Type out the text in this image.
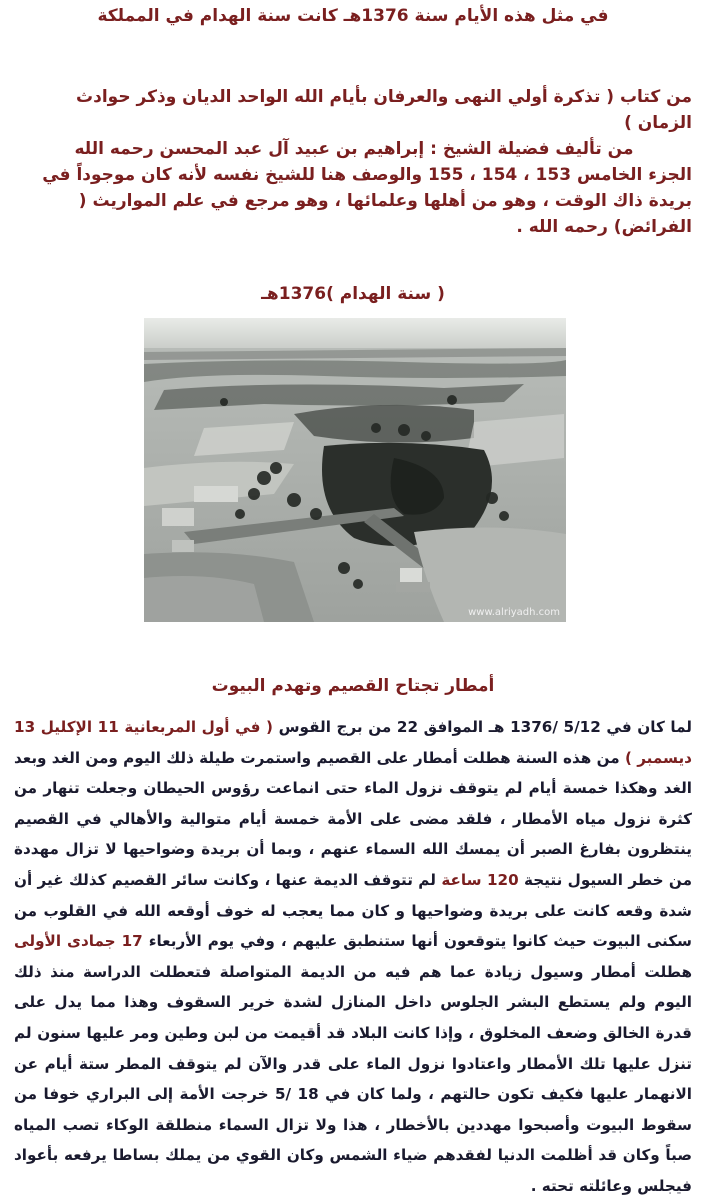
في مثل هذه الأيام سنة 1376هـ كانت سنة الهدام في المملكة
من كتاب ( تذكرة أولي النهى والعرفان بأيام الله الواحد الديان وذكر حوادث الزمان )
من تأليف فضيلة الشيخ : إبراهيم بن عبيد آل عبد المحسن رحمه الله
الجزء الخامس 153 ، 154 ، 155 والوصف هنا للشيخ نفسه لأنه كان موجوداً في بريدة ذاك الوقت ، وهو من أهلها وعلمائها ، وهو مرجع في علم المواريث ( الفرائض) رحمه الله .
( سنة الهدام )1376هـ
www.alriyadh.com
أمطار تجتاح القصيم وتهدم البيوت
لما كان في 5/12 /1376 هـ الموافق 22 من برج القوس ( في أول المربعانية 11 الإكليل 13 ديسمبر ) من هذه السنة هطلت أمطار على القصيم واستمرت طيلة ذلك اليوم ومن الغد وبعد الغد وهكذا خمسة أيام لم يتوقف نزول الماء حتى انماعت رؤوس الحيطان وجعلت تنهار من كثرة نزول مياه الأمطار ، فلقد مضى على الأمة خمسة أيام متوالية والأهالي في القصيم ينتظرون بفارغ الصبر أن يمسك الله السماء عنهم ، وبما أن بريدة وضواحيها لا تزال مهددة من خطر السيول نتيجة 120 ساعة لم تتوقف الديمة عنها ، وكانت سائر القصيم كذلك غير أن شدة وقعه كانت على بريدة وضواحيها و كان مما يعجب له خوف أوقعه الله في القلوب من سكنى البيوت حيث كانوا يتوقعون أنها ستنطبق عليهم ، وفي يوم الأربعاء 17 جمادى الأولى هطلت أمطار وسيول زيادة عما هم فيه من الديمة المتواصلة فتعطلت الدراسة منذ ذلك اليوم ولم يستطع البشر الجلوس داخل المنازل لشدة خرير السقوف وهذا مما يدل على قدرة الخالق وضعف المخلوق ، وإذا كانت البلاد قد أقيمت من لبن وطين ومر عليها سنون لم تنزل عليها تلك الأمطار واعتادوا نزول الماء على قدر والآن لم يتوقف المطر ستة أيام عن الانهمار عليها فكيف تكون حالتهم ، ولما كان في 18 /5 خرجت الأمة إلى البراري خوفا من سقوط البيوت وأصبحوا مهددين بالأخطار ، هذا ولا تزال السماء منطلقة الوكاء تصب المياه صباً وكان قد أظلمت الدنيا لفقدهم ضياء الشمس وكان القوي من يملك بساطا يرفعه بأعواد فيجلس وعائلته تحته .
